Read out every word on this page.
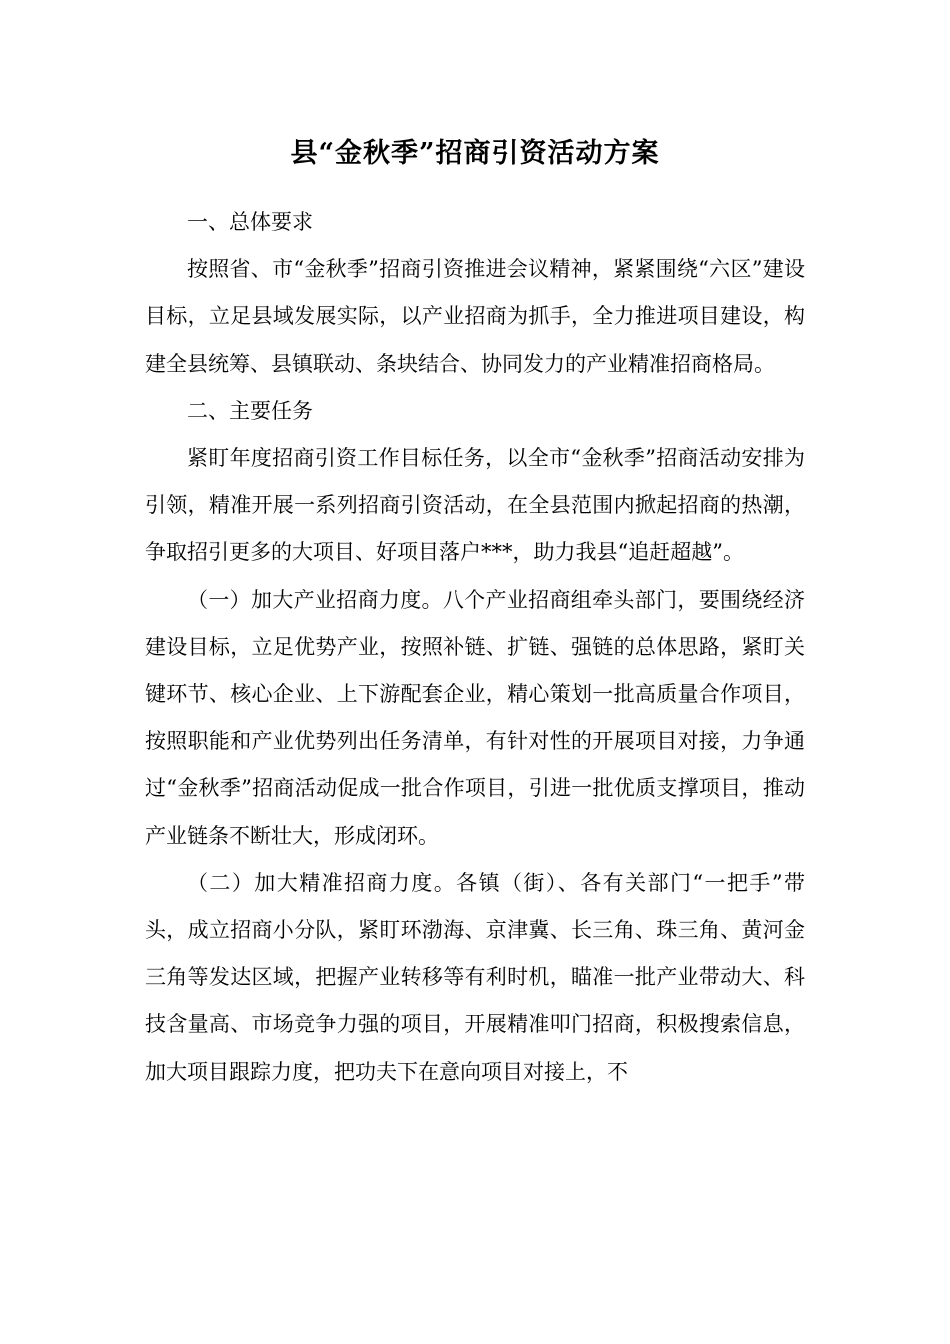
县“金秋季”招商引资活动方案

一、总体要求

按照省、市“金秋季”招商引资推进会议精神，紧紧围绕“六区”建设目标，立足县域发展实际，以产业招商为抓手，全力推进项目建设，构建全县统筹、县镇联动、条块结合、协同发力的产业精准招商格局。

二、主要任务

紧盯年度招商引资工作目标任务，以全市“金秋季”招商活动安排为引领，精准开展一系列招商引资活动，在全县范围内掀起招商的热潮，争取招引更多的大项目、好项目落户***，助力我县“追赶超越”。

（一）加大产业招商力度。八个产业招商组牵头部门，要围绕经济建设目标，立足优势产业，按照补链、扩链、强链的总体思路，紧盯关键环节、核心企业、上下游配套企业，精心策划一批高质量合作项目，按照职能和产业优势列出任务清单，有针对性的开展项目对接，力争通过“金秋季”招商活动促成一批合作项目，引进一批优质支撑项目，推动产业链条不断壮大，形成闭环。

（二）加大精准招商力度。各镇（街）、各有关部门“一把手”带头，成立招商小分队，紧盯环渤海、京津冀、长三角、珠三角、黄河金三角等发达区域，把握产业转移等有利时机，瞄准一批产业带动大、科技含量高、市场竞争力强的项目，开展精准叩门招商，积极搜索信息，加大项目跟踪力度，把功夫下在意向项目对接上，不
